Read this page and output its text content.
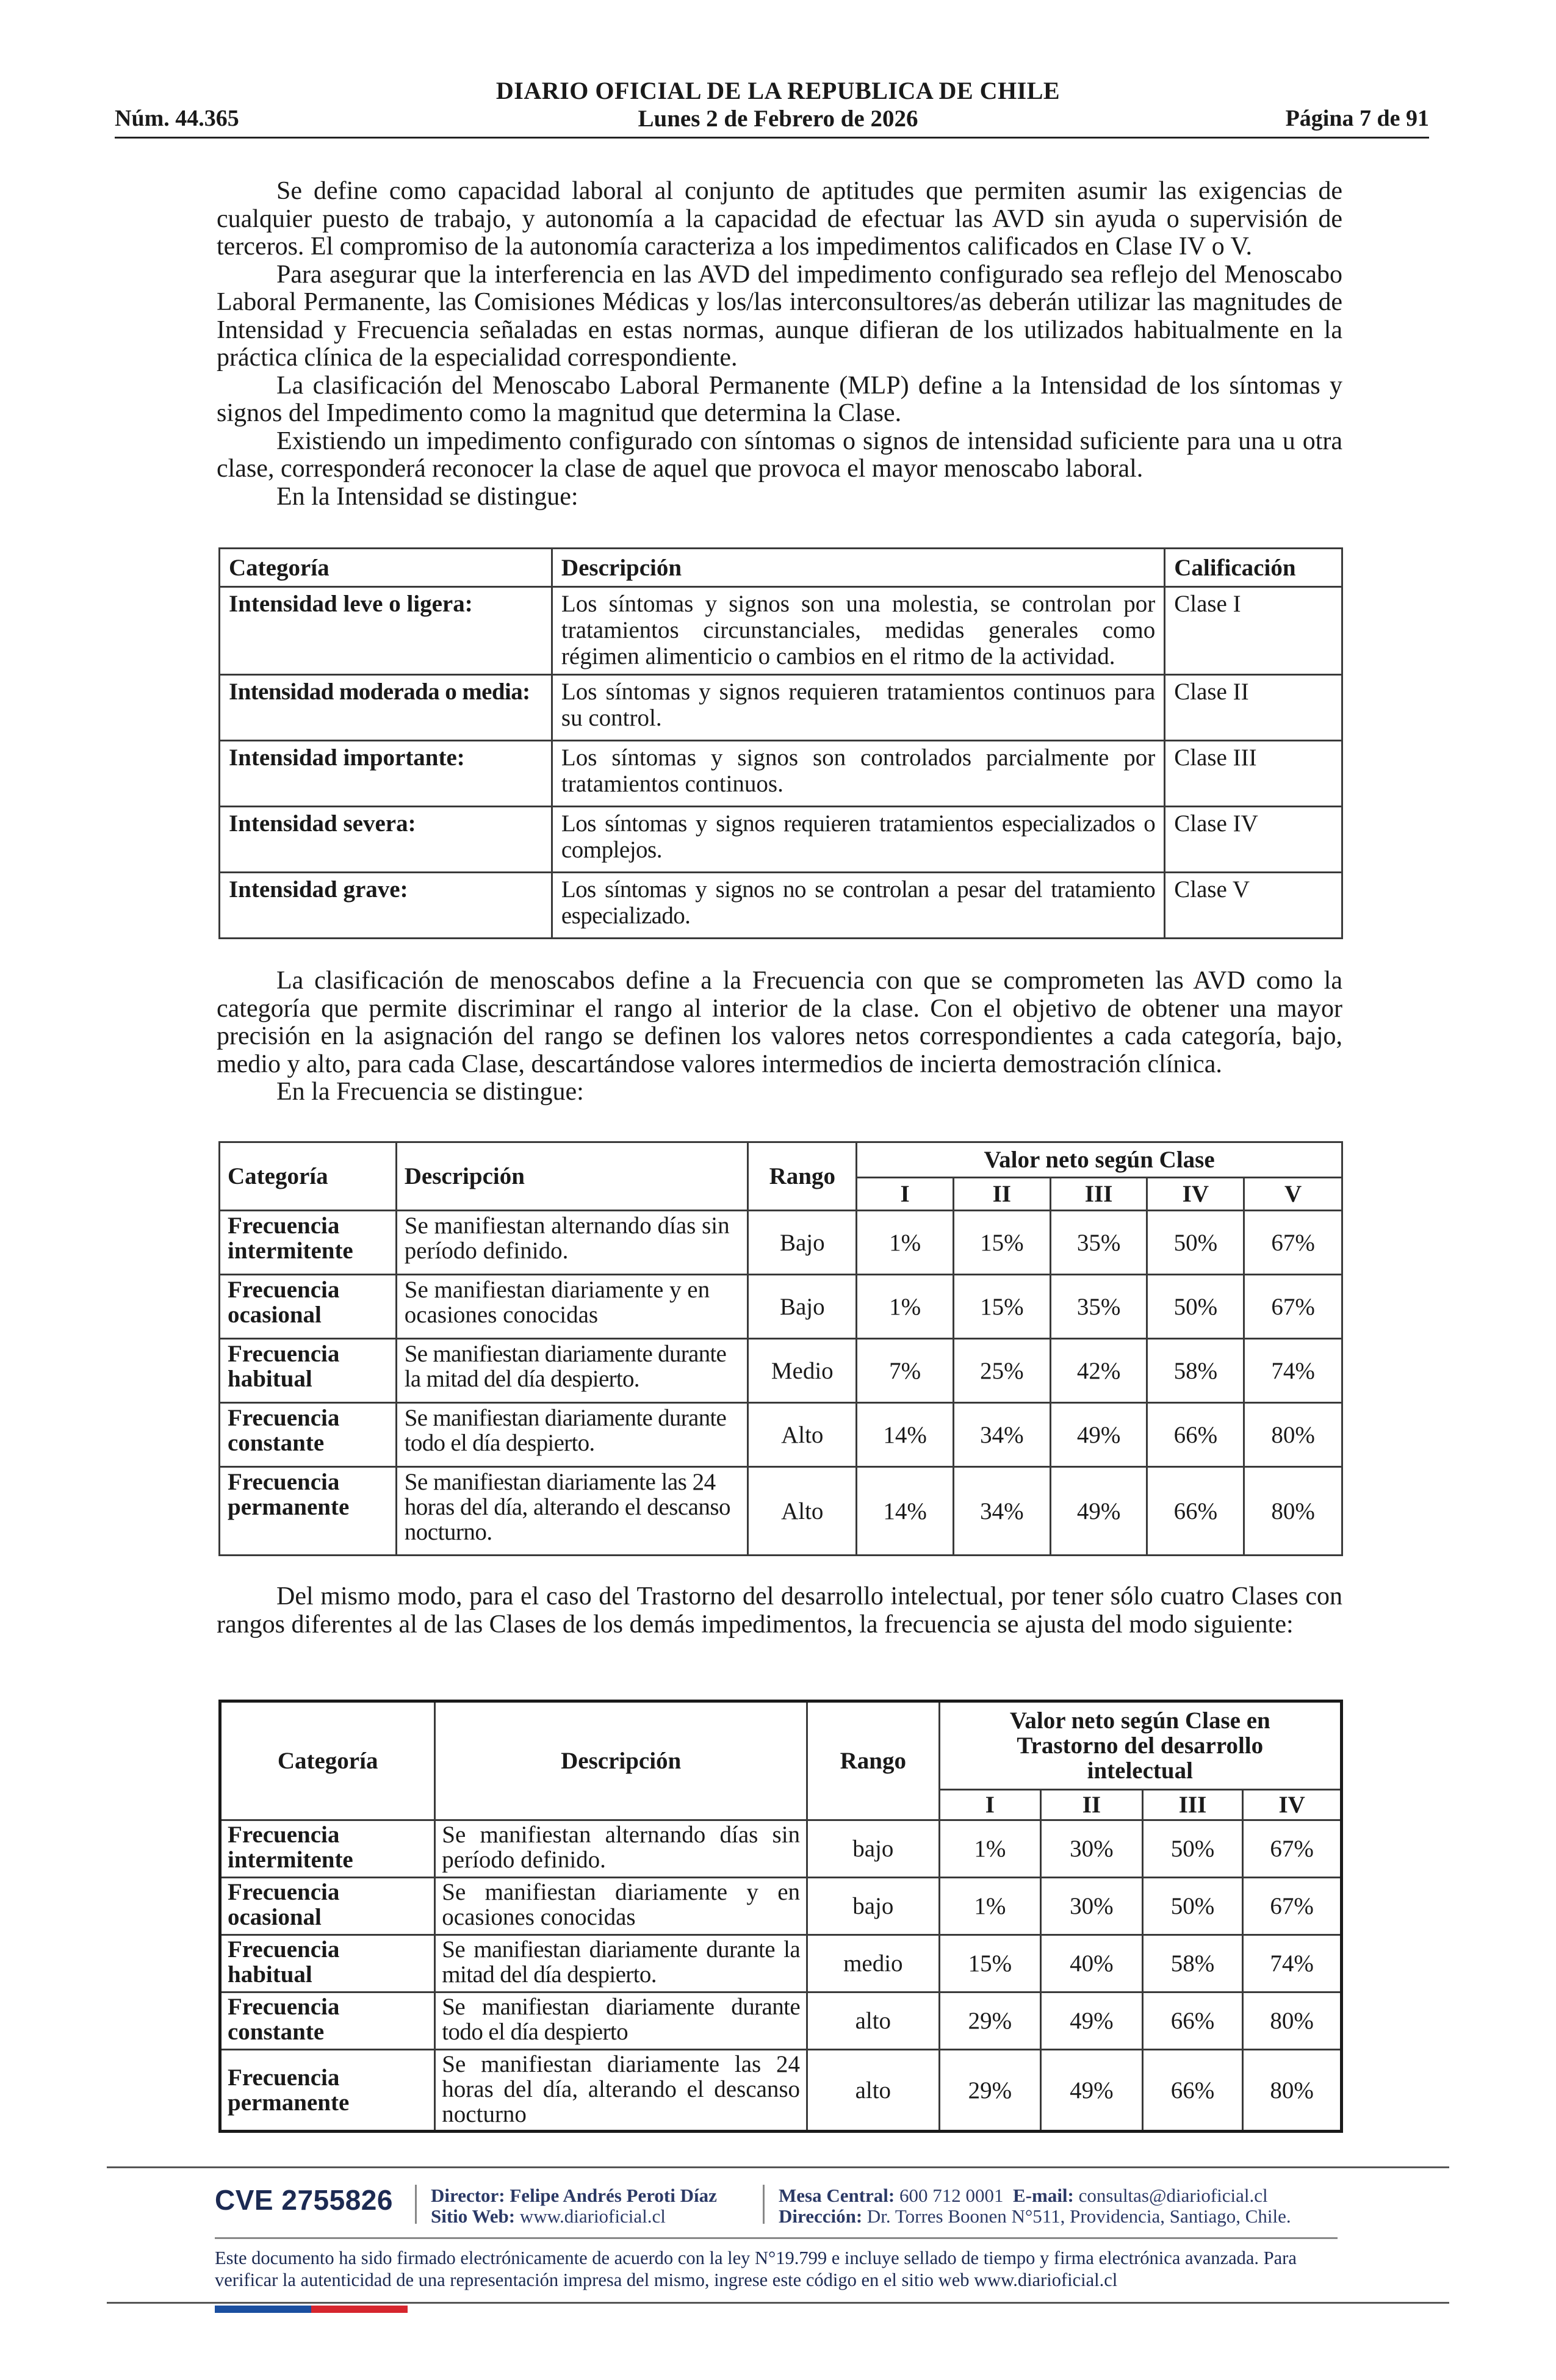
DIARIO OFICIAL DE LA REPUBLICA DE CHILE
Núm. 44.365	Lunes 2 de Febrero de 2026	Página 7 de 91

Se define como capacidad laboral al conjunto de aptitudes que permiten asumir las exigencias de cualquier puesto de trabajo, y autonomía a la capacidad de efectuar las AVD sin ayuda o supervisión de terceros. El compromiso de la autonomía caracteriza a los impedimentos calificados en Clase IV o V.

Para asegurar que la interferencia en las AVD del impedimento configurado sea reflejo del Menoscabo Laboral Permanente, las Comisiones Médicas y los/las interconsultores/as deberán utilizar las magnitudes de Intensidad y Frecuencia señaladas en estas normas, aunque difieran de los utilizados habitualmente en la práctica clínica de la especialidad correspondiente.

La clasificación del Menoscabo Laboral Permanente (MLP) define a la Intensidad de los síntomas y signos del Impedimento como la magnitud que determina la Clase.

Existiendo un impedimento configurado con síntomas o signos de intensidad suficiente para una u otra clase, corresponderá reconocer la clase de aquel que provoca el mayor menoscabo laboral.

En la Intensidad se distingue:

Categoría	Descripción	Calificación
Intensidad leve o ligera:	Los síntomas y signos son una molestia, se controlan por tratamientos circunstanciales, medidas generales como régimen alimenticio o cambios en el ritmo de la actividad.	Clase I
Intensidad moderada o media:	Los síntomas y signos requieren tratamientos continuos para su control.	Clase II
Intensidad importante:	Los síntomas y signos son controlados parcialmente por tratamientos continuos.	Clase III
Intensidad severa:	Los síntomas y signos requieren tratamientos especializados o complejos.	Clase IV
Intensidad grave:	Los síntomas y signos no se controlan a pesar del tratamiento especializado.	Clase V

La clasificación de menoscabos define a la Frecuencia con que se comprometen las AVD como la categoría que permite discriminar el rango al interior de la clase. Con el objetivo de obtener una mayor precisión en la asignación del rango se definen los valores netos correspondientes a cada categoría, bajo, medio y alto, para cada Clase, descartándose valores intermedios de incierta demostración clínica.

En la Frecuencia se distingue:

Categoría	Descripción	Rango	Valor neto según Clase				
			I	II	III	IV	V
Frecuencia intermitente	Se manifiestan alternando días sin período definido.	Bajo	1%	15%	35%	50%	67%
Frecuencia ocasional	Se manifiestan diariamente y en ocasiones conocidas	Bajo	1%	15%	35%	50%	67%
Frecuencia habitual	Se manifiestan diariamente durante la mitad del día despierto.	Medio	7%	25%	42%	58%	74%
Frecuencia constante	Se manifiestan diariamente durante todo el día despierto.	Alto	14%	34%	49%	66%	80%
Frecuencia permanente	Se manifiestan diariamente las 24 horas del día, alterando el descanso nocturno.	Alto	14%	34%	49%	66%	80%

Del mismo modo, para el caso del Trastorno del desarrollo intelectual, por tener sólo cuatro Clases con rangos diferentes al de las Clases de los demás impedimentos, la frecuencia se ajusta del modo siguiente:

Categoría	Descripción	Rango	Valor neto según Clase en Trastorno del desarrollo intelectual			
			I	II	III	IV
Frecuencia intermitente	Se manifiestan alternando días sin período definido.	bajo	1%	30%	50%	67%
Frecuencia ocasional	Se manifiestan diariamente y en ocasiones conocidas	bajo	1%	30%	50%	67%
Frecuencia habitual	Se manifiestan diariamente durante la mitad del día despierto.	medio	15%	40%	58%	74%
Frecuencia constante	Se manifiestan diariamente durante todo el día despierto	alto	29%	49%	66%	80%
Frecuencia permanente	Se manifiestan diariamente las 24 horas del día, alterando el descanso nocturno	alto	29%	49%	66%	80%
CVE 2755826 Director: Felipe Andrés Peroti Díaz
Sitio Web: www.diarioficial.cl
Mesa Central: 600 712 0001 E-mail: consultas@diarioficial.cl
Dirección: Dr. Torres Boonen N°511, Providencia, Santiago, Chile.
Este documento ha sido firmado electrónicamente de acuerdo con la ley N°19.799 e incluye sellado de tiempo y firma electrónica avanzada. Para verificar la autenticidad de una representación impresa del mismo, ingrese este código en el sitio web www.diarioficial.cl
